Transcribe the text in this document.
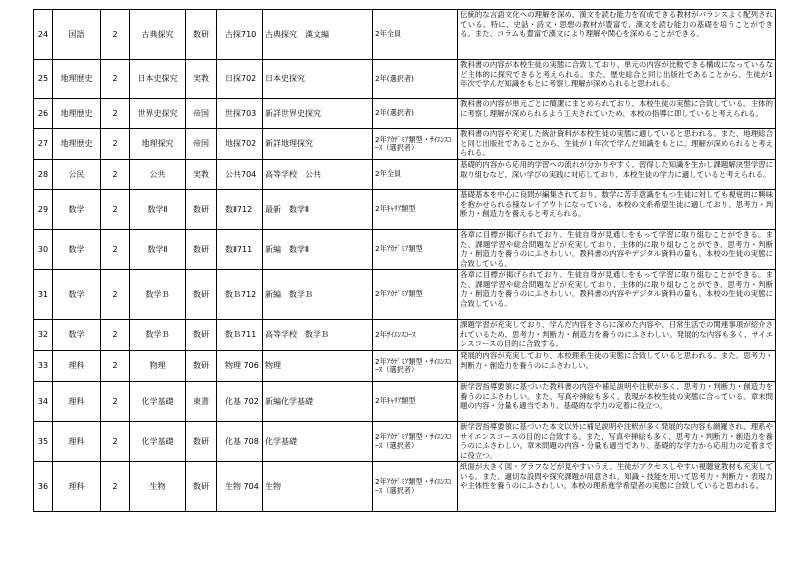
24	国語	2	古典探究	数研	古探710	古典探究　漢文編	2年全員	伝統的な言語文化への理解を深め、漢文を読む能力を育成できる教材がバランスよく配列されている。特に、史話・詩文・思想の教材が豊富で、漢文を読む能力の基礎を培うことができる。また、コラムも豊富で漢文により理解や関心を深めることができる。
25	地理歴史	2	日本史探究	実教	日探702	日本史探究	2年(選択者)	教科書の内容が本校生徒の実態に合致しており、単元の内容が比較できる構成になっているなど主体的に探究できると考えられる。また、歴史総合と同じ出版社であることから、生徒が1年次で学んだ知識をもとに考察し理解が深められると思われる。
26	地理歴史	2	世界史探究	帝国	世探703	新詳世界史探究	2年(選択者)	教科書の内容が単元ごとに簡潔にまとめられており、本校生徒の実態に合致している。主体的に考察し理解が深められるよう工夫されていため、本校の指導に即していると考えられる。
27	地理歴史	2	地理探究	帝国	地探702	新詳地理探究	2年ｱｶﾃﾞﾐｱ類型・ｻｲｴﾝｽｺｰｽ（選択者）	教科書の内容や充実した統計資料が本校生徒の実態に適していると思われる。また、地理総合と同じ出版社であることから、生徒が１年次で学んだ知識をもとに、理解が深められると考えられる。
28	公民	2	公共	実教	公共704	高等学校　公共	2年全員	基礎的内容から応用的学習への流れが分かりやすく、習得した知識を生かし課題解決型学習に取り組むなど、深い学びの実践に対応しており、本校生徒の学力に適していると考えられる。
29	数学	2	数学Ⅱ	数研	数Ⅱ712	最新　数学Ⅱ	2年ｷｬﾘｱ類型	基礎基本を中心に良問が編集されており、数学に苦手意識をもつ生徒に対しても視覚的に興味を抱かせられる様なレイアウトになっている。本校の文系希望生徒に適しており、思考力・判断力・創造力を養えると考えられる。
30	数学	2	数学Ⅱ	数研	数Ⅱ711	新編　数学Ⅱ	2年ｱｶﾃﾞﾐｱ類型	各章に目標が掲げられており、生徒自身が見通しをもって学習に取り組むことができる。また、課題学習や総合問題などが充実しており、主体的に取り組むことができ、思考力・判断力・創造力を養うのにふさわしい。教科書の内容やデジタル資料の量も、本校の生徒の実態に合致している。
31	数学	2	数学Ｂ	数研	数Ｂ712	新編　数学Ｂ	2年ｱｶﾃﾞﾐｱ類型	各章に目標が掲げられており、生徒自身が見通しをもって学習に取り組むことができる。また、課題学習や総合問題などが充実しており、主体的に取り組むことができ、思考力・判断力・創造力を養うのにふさわしい。教科書の内容やデジタル資料の量も、本校の生徒の実態に合致している。
32	数学	2	数学Ｂ	数研	数Ｂ711	高等学校　数学Ｂ	2年ｻｲｴﾝｽｺｰｽ	課題学習が充実しており、学んだ内容をさらに深めた内容や、日常生活での関連事項が紹介されているため、思考力・判断力・創造力を養うのにふさわしい。発展的な内容も多く、サイエンスコースの目的に合致する。
33	理科	2	物理	数研	物理 706	物理	2年ｱｶﾃﾞﾐｱ類型・ｻｲｴﾝｽｺｰｽ（選択者）	発展的内容が充実しており、本校理系生徒の実態に合致していると思われる。また、思考力・判断力・創造力を養うのにふさわしい。
34	理科	2	化学基礎	東書	化基 702	新編化学基礎	2年ｷｬﾘｱ類型	新学習指導要領に基づいた教科書の内容や補足説明や注釈が多く、思考力・判断力・創造力を養うのにふさわしい。また、写真や挿絵も多く、表現が本校生徒の実態に合っている。章末問題の内容・分量も適当であり、基礎的な学力の定着に役立つ。
35	理科	2	化学基礎	数研	化基 708	化学基礎	2年ｱｶﾃﾞﾐｱ類型・ｻｲｴﾝｽｺｰｽ（選択者）	新学習指導要領に基づいた本文以外に補足説明や注釈が多く発展的な内容も網羅され、理系やサイエンスコースの目的に合致する。また、写真や挿絵も多く、思考力・判断力・創造力を養うのにふさわしい。章末問題の内容・分量も適当であり、基礎的な学力から応用力の定着までに役立つ。
36	理科	2	生物	数研	生物 704	生物	2年ｱｶﾃﾞﾐｱ類型・ｻｲｴﾝｽｺｰｽ（選択者）	紙面が大きく図・グラフなどが見やすいうえ、生徒がアクセスしやすい視聴覚教材も充実している。また、適切な設問や探究課題が用意され、知識・技能を用いて思考力・判断力・表現力や主体性を養うのにふさわしい。本校の理系進学希望者の実態に合致していると思われる。
